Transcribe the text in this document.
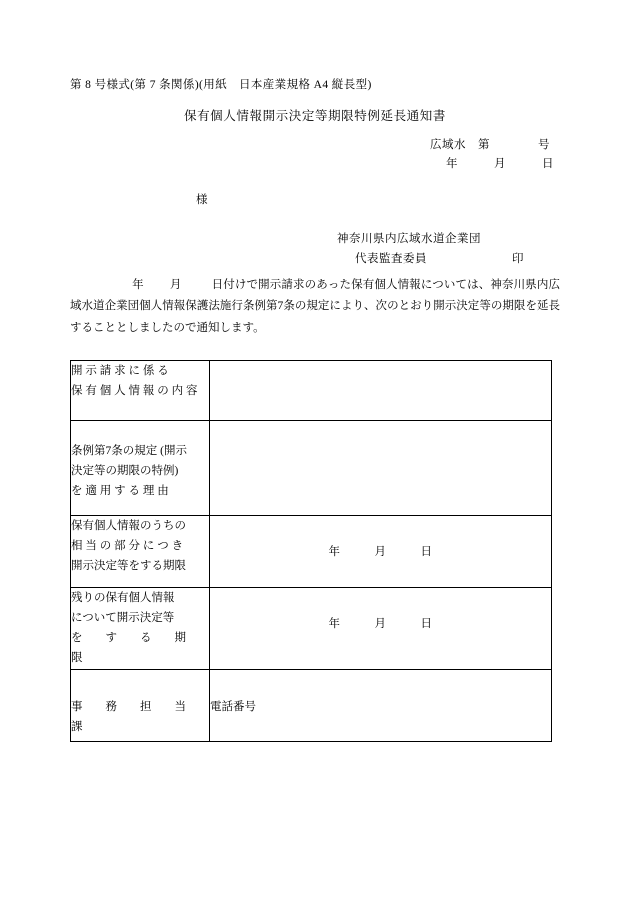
第 8 号様式(第 7 条関係)(用紙　日本産業規格 A4 縦長型)
保有個人情報開示決定等期限特例延長通知書
広域水　第　　　　号
年　　　月　　　日
様
神奈川県内広域水道企業団
代表監査委員	印
年 月	日付けで開示請求のあった保有個人情報については、神奈川県内広域水道企業団個人情報保護法施行条例第7条の規定により、次のとおり開示決定等の期限を延長することとしましたので通知します。
開 示 請 求 に 係 る
保 有 個 人 情 報 の 内 容	

条例第7条の規定 (開示
決定等の期限の特例)
を 適 用 す る 理 由	

保有個人情報のうちの
相 当 の 部 分 に つ き
開示決定等をする期限	年 月 日

残りの保有個人情報
について開示決定等
を　　す　　る　　期　　限	年 月 日

事　　務　　担　　当　　課	電話番号
